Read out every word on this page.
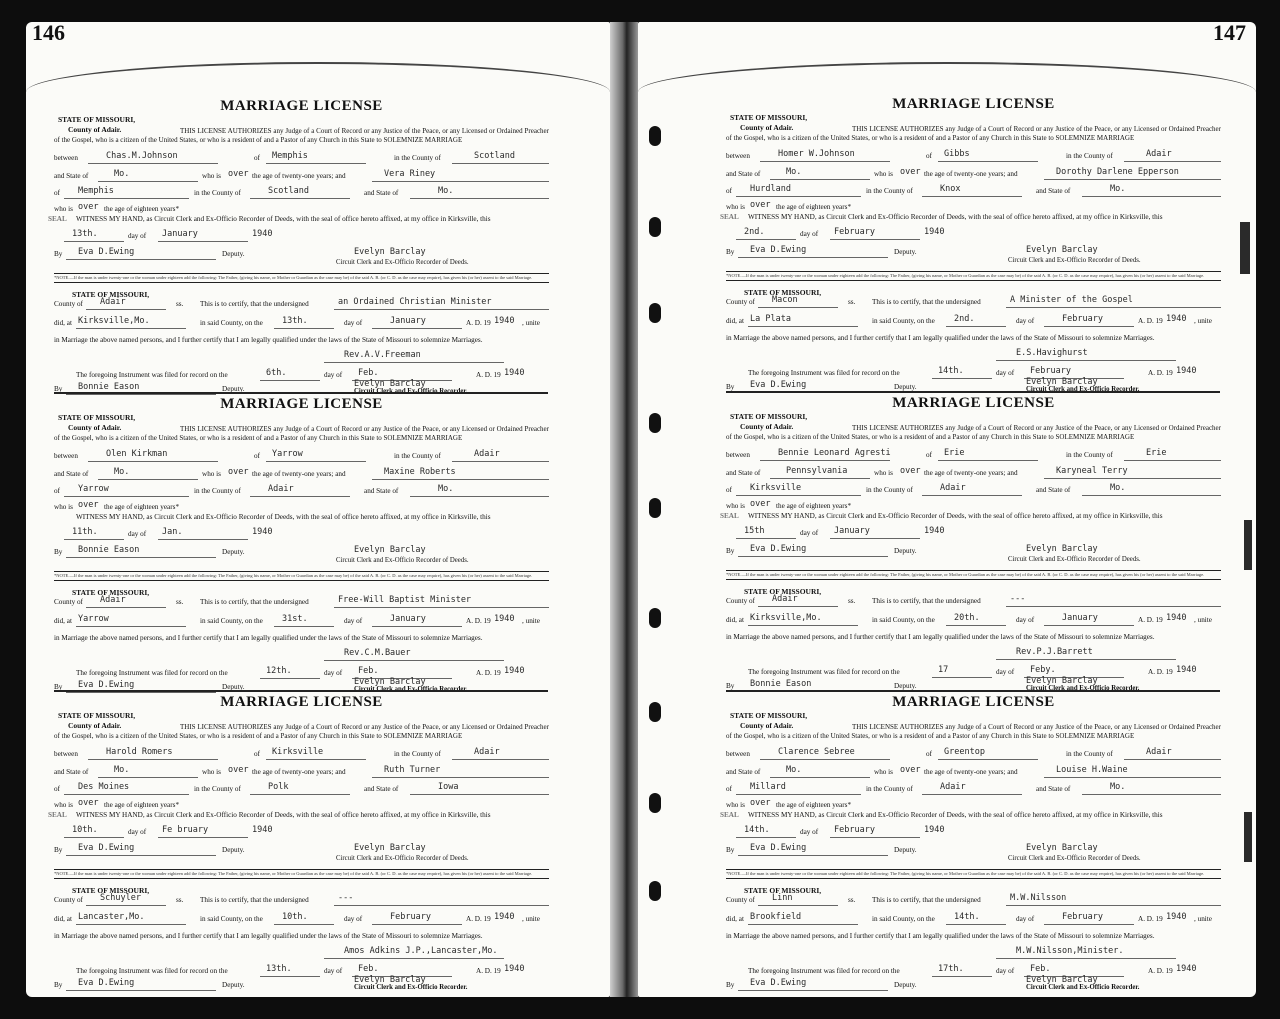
146
MARRIAGE LICENSE
STATE OF MISSOURI,
County of Adair.	THIS LICENSE AUTHORIZES any Judge of a Court of Record or any Justice of the Peace, or any Licensed or Ordained Preacher of the Gospel, who is a citizen of the United States, or who is a resident of and a Pastor of any Church in this State to SOLEMNIZE MARRIAGE
between	Chas.M.Johnson	of Memphis	in the County of	Scotland
and State of	Mo.	who is over the age of twenty-one years; and	Vera Riney
of Memphis	in the County of	Scotland	and State of	Mo.
who is over the age of eighteen years*
SEAL WITNESS MY HAND, as Circuit Clerk and Ex-Officio Recorder of Deeds, with the seal of office hereto affixed, at my office in Kirksville, this
13th.	day of January	1940
By Eva D.Ewing	Deputy.	Evelyn Barclay
Circuit Clerk and Ex-Officio Recorder of Deeds.
*NOTE.—If the man is under twenty-one or the woman under eighteen add the following: The Father, (giving his name, or Mother or Guardian as the case may be) of the said A. B. (or C. D. as the case may require), has given his (or her) assent to the said Marriage.
STATE OF MISSOURI,
County of Adair	ss. This is to certify, that the undersigned	an Ordained Christian Minister
did, at Kirksville,Mo.	in said County, on the 13th.	day of	January	A. D. 19 1940 , unite
in Marriage the above named persons, and I further certify that I am legally qualified under the laws of the State of Missouri to solemnize Marriages.
Rev.A.V.Freeman
The foregoing Instrument was filed for record on the	6th.	day of Feb.	A. D. 19 1940
By Bonnie Eason	Deputy.	Evelyn Barclay
Circuit Clerk and Ex-Officio Recorder.
MARRIAGE LICENSE
STATE OF MISSOURI,
County of Adair.	THIS LICENSE AUTHORIZES any Judge of a Court of Record or any Justice of the Peace, or any Licensed or Ordained Preacher of the Gospel, who is a citizen of the United States, or who is a resident of and a Pastor of any Church in this State to SOLEMNIZE MARRIAGE
between	Olen Kirkman	of Yarrow	in the County of	Adair
and State of	Mo.	who is over the age of twenty-one years; and	Maxine Roberts
of Yarrow	in the County of	Adair	and State of	Mo.
who is over the age of eighteen years*
WITNESS MY HAND, as Circuit Clerk and Ex-Officio Recorder of Deeds, with the seal of office hereto affixed, at my office in Kirksville, this
11th.	day of Jan.	1940
By Bonnie Eason	Deputy.	Evelyn Barclay
Circuit Clerk and Ex-Officio Recorder of Deeds.
*NOTE.—If the man is under twenty-one or the woman under eighteen add the following: The Father, (giving his name, or Mother or Guardian as the case may be) of the said A. B. (or C. D. as the case may require), has given his (or her) assent to the said Marriage.
STATE OF MISSOURI,
County of Adair	ss. This is to certify, that the undersigned	Free-Will Baptist Minister
did, at Yarrow	in said County, on the 31st.	day of	January	A. D. 19 1940 , unite
in Marriage the above named persons, and I further certify that I am legally qualified under the laws of the State of Missouri to solemnize Marriages.
Rev.C.M.Bauer
The foregoing Instrument was filed for record on the	12th.	day of Feb.	A. D. 19 1940
By Eva D.Ewing	Deputy.	Evelyn Barclay
Circuit Clerk and Ex-Officio Recorder.
MARRIAGE LICENSE
STATE OF MISSOURI,
County of Adair.	THIS LICENSE AUTHORIZES any Judge of a Court of Record or any Justice of the Peace, or any Licensed or Ordained Preacher of the Gospel, who is a citizen of the United States, or who is a resident of and a Pastor of any Church in this State to SOLEMNIZE MARRIAGE
between	Harold Romers	of Kirksville	in the County of	Adair
and State of	Mo.	who is over the age of twenty-one years; and	Ruth Turner
of Des Moines	in the County of	Polk	and State of	Iowa
who is over the age of eighteen years*
SEAL WITNESS MY HAND, as Circuit Clerk and Ex-Officio Recorder of Deeds, with the seal of office hereto affixed, at my office in Kirksville, this
10th.	day of Fe bruary	1940
By Eva D.Ewing	Deputy.	Evelyn Barclay
Circuit Clerk and Ex-Officio Recorder of Deeds.
*NOTE.—If the man is under twenty-one or the woman under eighteen add the following: The Father, (giving his name, or Mother or Guardian as the case may be) of the said A. B. (or C. D. as the case may require), has given his (or her) assent to the said Marriage.
STATE OF MISSOURI,
County of Schuyler	ss. This is to certify, that the undersigned	---
did, at Lancaster,Mo.	in said County, on the 10th.	day of	February	A. D. 19 1940 , unite
in Marriage the above named persons, and I further certify that I am legally qualified under the laws of the State of Missouri to solemnize Marriages.
Amos Adkins J.P.,Lancaster,Mo.
The foregoing Instrument was filed for record on the	13th.	day of Feb.	A. D. 19 1940
By Eva D.Ewing	Deputy.	Evelyn Barclay
Circuit Clerk and Ex-Officio Recorder.
147
MARRIAGE LICENSE
STATE OF MISSOURI,
County of Adair.	THIS LICENSE AUTHORIZES any Judge of a Court of Record or any Justice of the Peace, or any Licensed or Ordained Preacher of the Gospel, who is a citizen of the United States, or who is a resident of and a Pastor of any Church in this State to SOLEMNIZE MARRIAGE
between	Homer W.Johnson	of Gibbs	in the County of	Adair
and State of	Mo.	who is over the age of twenty-one years; and	Dorothy Darlene Epperson
of Hurdland	in the County of	Knox	and State of	Mo.
who is over the age of eighteen years*
SEAL WITNESS MY HAND, as Circuit Clerk and Ex-Officio Recorder of Deeds, with the seal of office hereto affixed, at my office in Kirksville, this
2nd.	day of February	1940
By Eva D.Ewing	Deputy.	Evelyn Barclay
Circuit Clerk and Ex-Officio Recorder of Deeds.
*NOTE.—If the man is under twenty-one or the woman under eighteen add the following: The Father, (giving his name, or Mother or Guardian as the case may be) of the said A. B. (or C. D. as the case may require), has given his (or her) assent to the said Marriage.
STATE OF MISSOURI,
County of Macon	ss. This is to certify, that the undersigned	A Minister of the Gospel
did, at La Plata	in said County, on the 2nd.	day of	February	A. D. 19 1940 , unite
in Marriage the above named persons, and I further certify that I am legally qualified under the laws of the State of Missouri to solemnize Marriages.
E.S.Havighurst
The foregoing Instrument was filed for record on the	14th.	day of February	A. D. 19 1940
By Eva D.Ewing	Deputy.	Evelyn Barclay
Circuit Clerk and Ex-Officio Recorder.
MARRIAGE LICENSE
STATE OF MISSOURI,
County of Adair.	THIS LICENSE AUTHORIZES any Judge of a Court of Record or any Justice of the Peace, or any Licensed or Ordained Preacher of the Gospel, who is a citizen of the United States, or who is a resident of and a Pastor of any Church in this State to SOLEMNIZE MARRIAGE
between	Bennie Leonard Agresti	of Erie	in the County of	Erie
and State of	Pennsylvania	who is over the age of twenty-one years; and	Karyneal Terry
of Kirksville	in the County of	Adair	and State of	Mo.
who is over the age of eighteen years*
SEAL WITNESS MY HAND, as Circuit Clerk and Ex-Officio Recorder of Deeds, with the seal of office hereto affixed, at my office in Kirksville, this
15th	day of January	1940
By Eva D.Ewing	Deputy.	Evelyn Barclay
Circuit Clerk and Ex-Officio Recorder of Deeds.
*NOTE.—If the man is under twenty-one or the woman under eighteen add the following: The Father, (giving his name, or Mother or Guardian as the case may be) of the said A. B. (or C. D. as the case may require), has given his (or her) assent to the said Marriage.
STATE OF MISSOURI,
County of Adair	ss. This is to certify, that the undersigned	---
did, at Kirksville,Mo.	in said County, on the 20th.	day of	January	A. D. 19 1940 , unite
in Marriage the above named persons, and I further certify that I am legally qualified under the laws of the State of Missouri to solemnize Marriages.
Rev.P.J.Barrett
The foregoing Instrument was filed for record on the	17	day of Feby.	A. D. 19 1940
By Bonnie Eason	Deputy.	Evelyn Barclay
Circuit Clerk and Ex-Officio Recorder.
MARRIAGE LICENSE
STATE OF MISSOURI,
County of Adair.	THIS LICENSE AUTHORIZES any Judge of a Court of Record or any Justice of the Peace, or any Licensed or Ordained Preacher of the Gospel, who is a citizen of the United States, or who is a resident of and a Pastor of any Church in this State to SOLEMNIZE MARRIAGE
between	Clarence Sebree	of Greentop	in the County of	Adair
and State of	Mo.	who is over the age of twenty-one years; and	Louise H.Waine
of Millard	in the County of	Adair	and State of	Mo.
who is over the age of eighteen years*
SEAL WITNESS MY HAND, as Circuit Clerk and Ex-Officio Recorder of Deeds, with the seal of office hereto affixed, at my office in Kirksville, this
14th.	day of February	1940
By Eva D.Ewing	Deputy.	Evelyn Barclay
Circuit Clerk and Ex-Officio Recorder of Deeds.
*NOTE.—If the man is under twenty-one or the woman under eighteen add the following: The Father, (giving his name, or Mother or Guardian as the case may be) of the said A. B. (or C. D. as the case may require), has given his (or her) assent to the said Marriage.
STATE OF MISSOURI,
County of Linn	ss. This is to certify, that the undersigned	M.W.Nilsson
did, at Brookfield	in said County, on the 14th.	day of	February	A. D. 19 1940 , unite
in Marriage the above named persons, and I further certify that I am legally qualified under the laws of the State of Missouri to solemnize Marriages.
M.W.Nilsson,Minister.
The foregoing Instrument was filed for record on the	17th.	day of Feb.	A. D. 19 1940
By Eva D.Ewing	Deputy.	Evelyn Barclay
Circuit Clerk and Ex-Officio Recorder.
